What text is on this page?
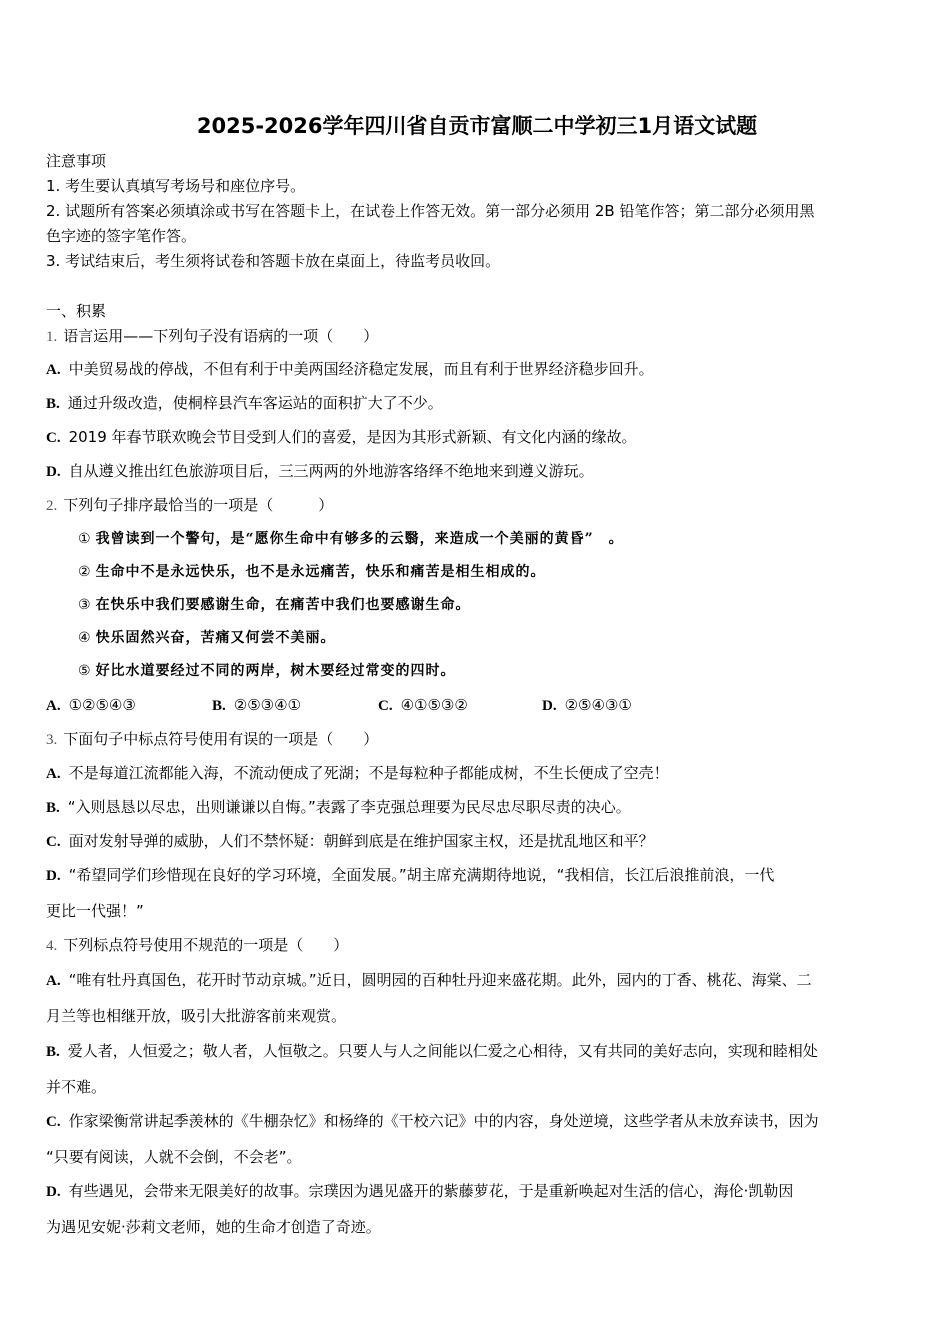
2025-2026学年四川省自贡市富顺二中学初三1月语文试题
注意事项
1. 考生要认真填写考场号和座位序号。
2. 试题所有答案必须填涂或书写在答题卡上，在试卷上作答无效。第一部分必须用 2B 铅笔作答；第二部分必须用黑
色字迹的签字笔作答。
3. 考试结束后，考生须将试卷和答题卡放在桌面上，待监考员收回。
一、积累
1. 语言运用——下列句子没有语病的一项（　　）
A. 中美贸易战的停战，不但有利于中美两国经济稳定发展，而且有利于世界经济稳步回升。
B. 通过升级改造，使桐梓县汽车客运站的面积扩大了不少。
C. 2019 年春节联欢晚会节目受到人们的喜爱，是因为其形式新颖、有文化内涵的缘故。
D. 自从遵义推出红色旅游项目后，三三两两的外地游客络绎不绝地来到遵义游玩。
2. 下列句子排序最恰当的一项是（　　　）
① 我曾读到一个警句，是“愿你生命中有够多的云翳，来造成一个美丽的黄昏”　。
② 生命中不是永远快乐，也不是永远痛苦，快乐和痛苦是相生相成的。
③ 在快乐中我们要感谢生命，在痛苦中我们也要感谢生命。
④ 快乐固然兴奋，苦痛又何尝不美丽。
⑤ 好比水道要经过不同的两岸，树木要经过常变的四时。
A. ①②⑤④③	B. ②⑤③④①	C. ④①⑤③②	D. ②⑤④③①
3. 下面句子中标点符号使用有误的一项是（　　）
A. 不是每道江流都能入海，不流动便成了死湖；不是每粒种子都能成树，不生长便成了空壳！
B. “入则恳恳以尽忠，出则谦谦以自悔。”表露了李克强总理要为民尽忠尽职尽责的决心。
C. 面对发射导弹的威胁，人们不禁怀疑：朝鲜到底是在维护国家主权，还是扰乱地区和平？
D. “希望同学们珍惜现在良好的学习环境，全面发展。”胡主席充满期待地说，“我相信，长江后浪推前浪，一代
更比一代强！”
4. 下列标点符号使用不规范的一项是（　　）
A. “唯有牡丹真国色，花开时节动京城。”近日，圆明园的百种牡丹迎来盛花期。此外，园内的丁香、桃花、海棠、二
月兰等也相继开放，吸引大批游客前来观赏。
B. 爱人者，人恒爱之；敬人者，人恒敬之。只要人与人之间能以仁爱之心相待，又有共同的美好志向，实现和睦相处
并不难。
C. 作家梁衡常讲起季羡林的《牛棚杂忆》和杨绛的《干校六记》中的内容，身处逆境，这些学者从未放弃读书，因为
“只要有阅读，人就不会倒，不会老”。
D. 有些遇见，会带来无限美好的故事。宗璞因为遇见盛开的紫藤萝花，于是重新唤起对生活的信心，海伦·凯勒因
为遇见安妮·莎莉文老师，她的生命才创造了奇迹。
